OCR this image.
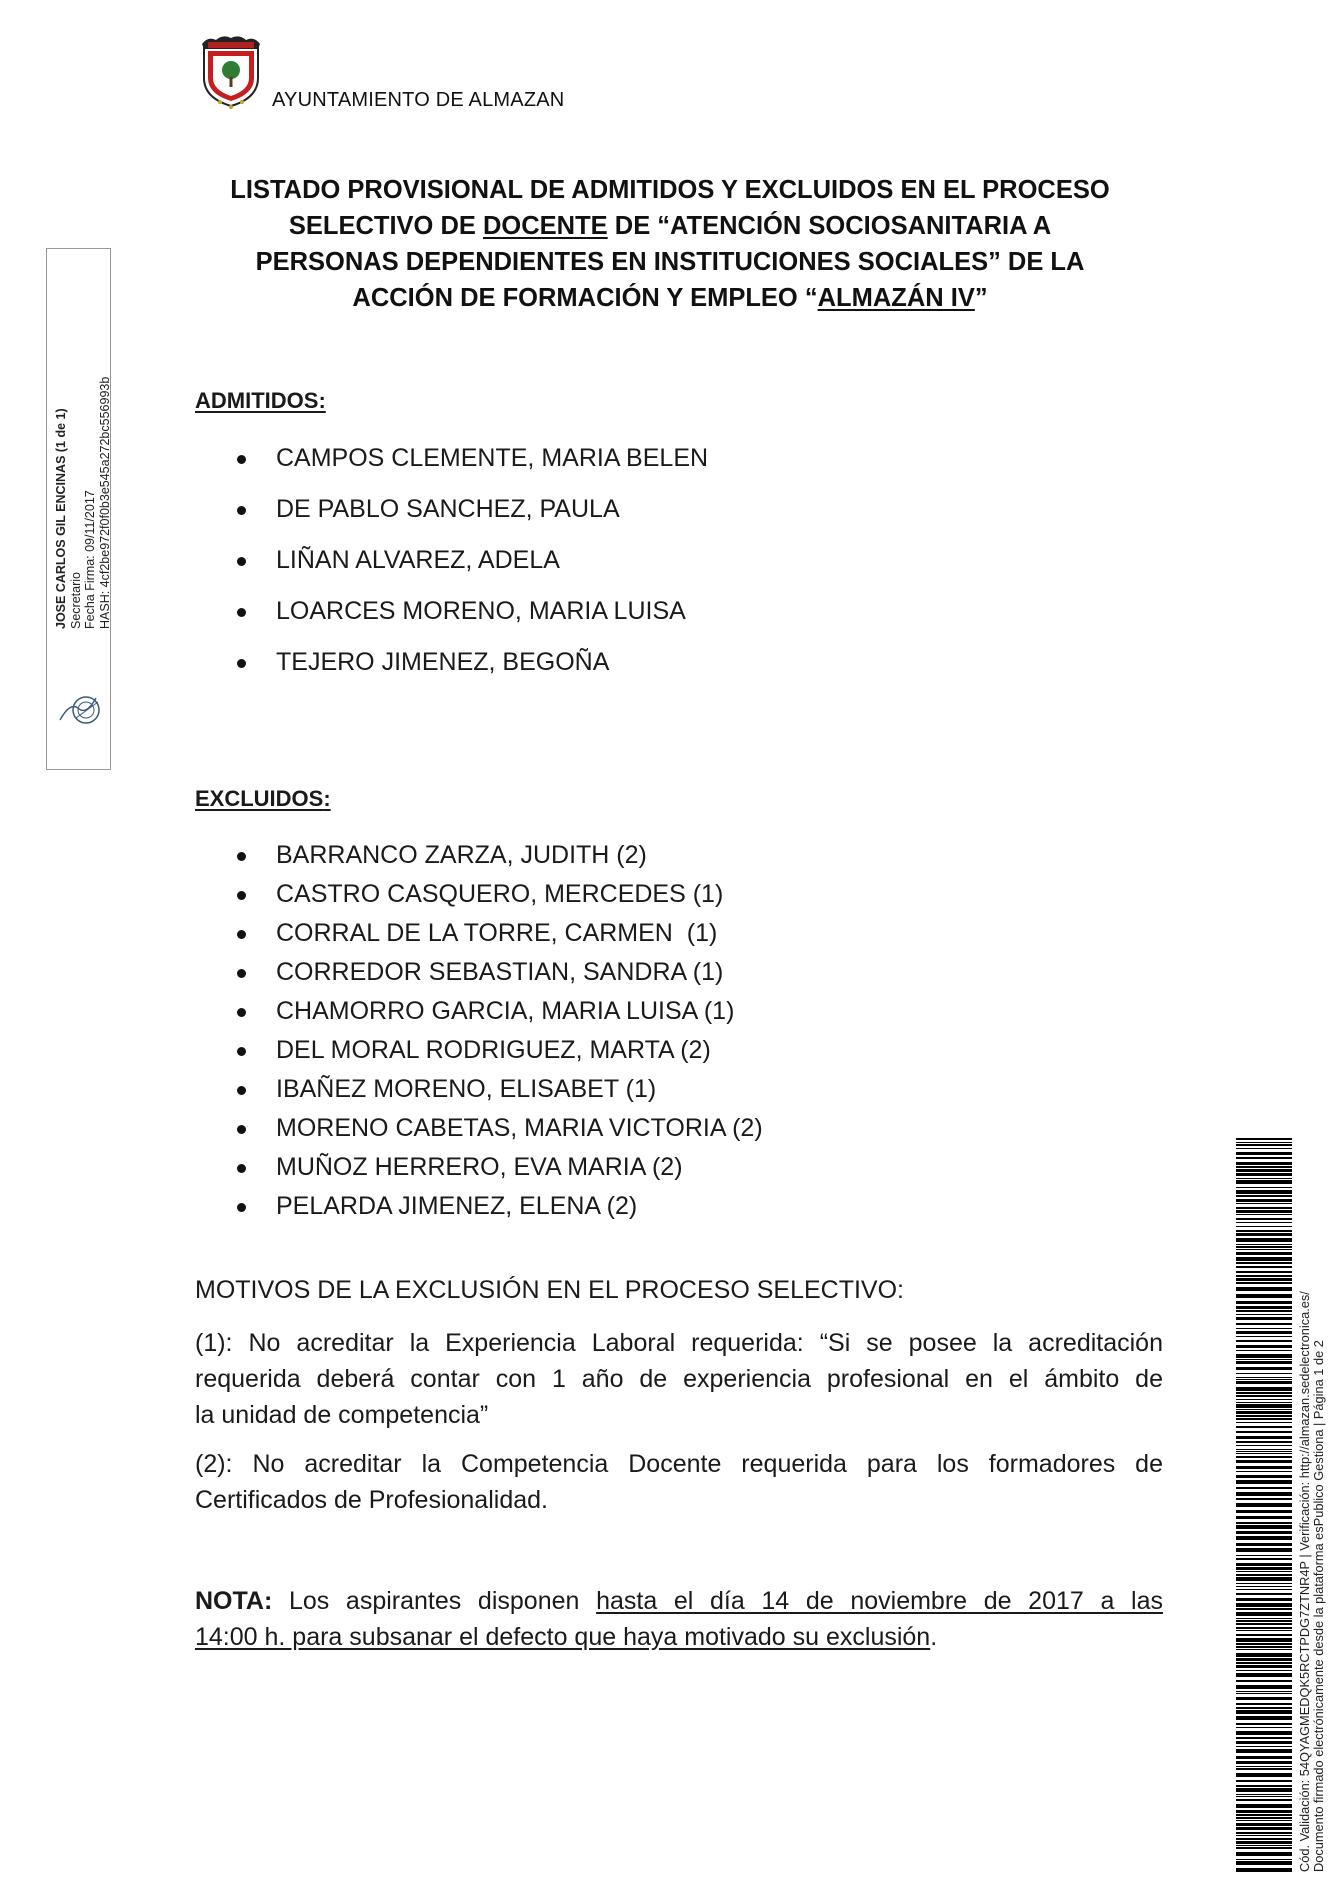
AYUNTAMIENTO DE ALMAZAN
LISTADO PROVISIONAL DE ADMITIDOS Y EXCLUIDOS EN EL PROCESO
SELECTIVO DE DOCENTE DE “ATENCIÓN SOCIOSANITARIA A
PERSONAS DEPENDIENTES EN INSTITUCIONES SOCIALES” DE LA
ACCIÓN DE FORMACIÓN Y EMPLEO “ALMAZÁN IV”
ADMITIDOS:
CAMPOS CLEMENTE, MARIA BELEN
DE PABLO SANCHEZ, PAULA
LIÑAN ALVAREZ, ADELA
LOARCES MORENO, MARIA LUISA
TEJERO JIMENEZ, BEGOÑA
EXCLUIDOS:
BARRANCO ZARZA, JUDITH (2)
CASTRO CASQUERO, MERCEDES (1)
CORRAL DE LA TORRE, CARMEN  (1)
CORREDOR SEBASTIAN, SANDRA (1)
CHAMORRO GARCIA, MARIA LUISA (1)
DEL MORAL RODRIGUEZ, MARTA (2)
IBAÑEZ MORENO, ELISABET (1)
MORENO CABETAS, MARIA VICTORIA (2)
MUÑOZ HERRERO, EVA MARIA (2)
PELARDA JIMENEZ, ELENA (2)
MOTIVOS DE LA EXCLUSIÓN EN EL PROCESO SELECTIVO:
(1): No acreditar la Experiencia Laboral requerida: “Si se posee la acreditación
requerida deberá contar con 1 año de experiencia profesional en el ámbito de
la unidad de competencia”
(2): No acreditar la Competencia Docente requerida para los formadores de
Certificados de Profesionalidad.
NOTA: Los aspirantes disponen hasta el día 14 de noviembre de 2017 a las
14:00 h. para subsanar el defecto que haya motivado su exclusión.
JOSE CARLOS GIL ENCINAS (1 de 1) Secretario Fecha Firma: 09/11/2017 HASH: 4cf2be972f0f0b3e545a272bc556993b
Cód. Validación: 54QYAGMEDQK5RCTPDG7ZTNR4P | Verificación: http://almazan.sedelectronica.es/ Documento firmado electrónicamente desde la plataforma esPublico Gestiona | Página 1 de 2
